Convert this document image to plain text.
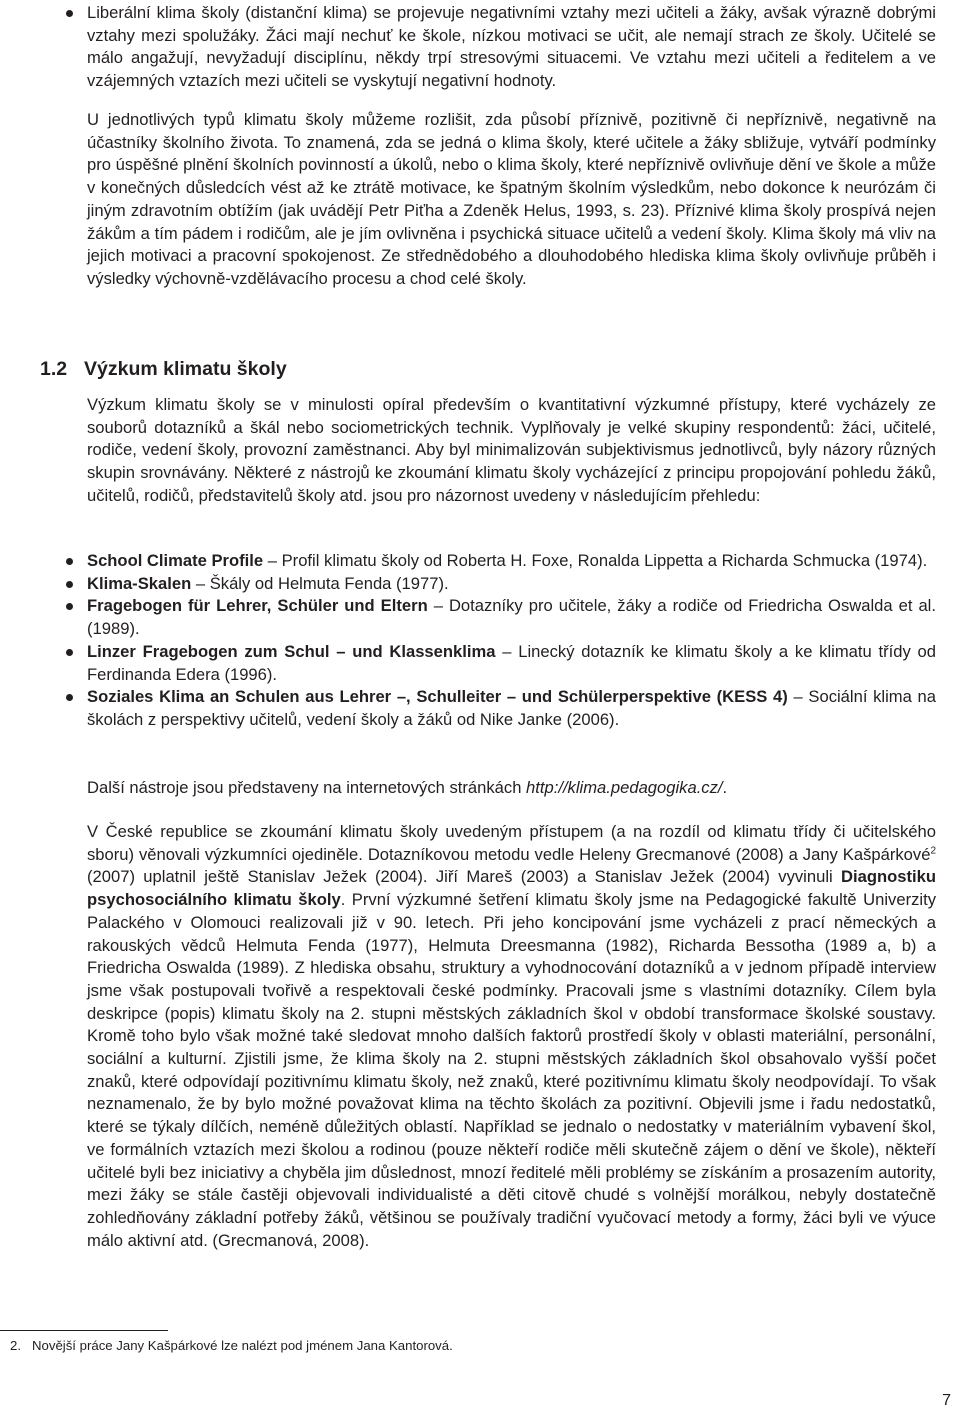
Liberální klima školy (distanční klima) se projevuje negativními vztahy mezi učiteli a žáky, avšak výrazně dobrými vztahy mezi spolužáky. Žáci mají nechuť ke škole, nízkou motivaci se učit, ale nemají strach ze školy. Učitelé se málo angažují, nevyžadují disciplínu, někdy trpí stresovými situacemi. Ve vztahu mezi učiteli a ředitelem a ve vzájemných vztazích mezi učiteli se vyskytují negativní hodnoty.

U jednotlivých typů klimatu školy můžeme rozlišit, zda působí příznivě, pozitivně či nepříznivě, negativně na účastníky školního života. To znamená, zda se jedná o klima školy, které učitele a žáky sbližuje, vytváří podmínky pro úspěšné plnění školních povinností a úkolů, nebo o klima školy, které nepříznivě ovlivňuje dění ve škole a může v konečných důsledcích vést až ke ztrátě motivace, ke špatným školním výsledkům, nebo dokonce k neurózám či jiným zdravotním obtížím (jak uvádějí Petr Piťha a Zdeněk Helus, 1993, s. 23). Příznivé klima školy prospívá nejen žákům a tím pádem i rodičům, ale je jím ovlivněna i psychická situace učitelů a vedení školy. Klima školy má vliv na jejich motivaci a pracovní spokojenost. Ze střednědobého a dlouhodobého hlediska klima školy ovlivňuje průběh i výsledky výchovně-vzdělávacího procesu a chod celé školy.

1.2 Výzkum klimatu školy

Výzkum klimatu školy se v minulosti opíral především o kvantitativní výzkumné přístupy, které vycházely ze souborů dotazníků a škál nebo sociometrických technik. Vyplňovaly je velké skupiny respondentů: žáci, učitelé, rodiče, vedení školy, provozní zaměstnanci. Aby byl minimalizován subjektivismus jednotlivců, byly názory různých skupin srovnávány. Některé z nástrojů ke zkoumání klimatu školy vycházející z principu propojování pohledu žáků, učitelů, rodičů, představitelů školy atd. jsou pro názornost uvedeny v následujícím přehledu:

School Climate Profile – Profil klimatu školy od Roberta H. Foxe, Ronalda Lippetta a Richarda Schmucka (1974).
Klima-Skalen – Škály od Helmuta Fenda (1977).
Fragebogen für Lehrer, Schüler und Eltern – Dotazníky pro učitele, žáky a rodiče od Friedricha Oswalda et al. (1989).
Linzer Fragebogen zum Schul – und Klassenklima – Linecký dotazník ke klimatu školy a ke klimatu třídy od Ferdinanda Edera (1996).
Soziales Klima an Schulen aus Lehrer –, Schulleiter – und Schülerperspektive (KESS 4) – Sociální klima na školách z perspektivy učitelů, vedení školy a žáků od Nike Janke (2006).

Další nástroje jsou představeny na internetových stránkách http://klima.pedagogika.cz/.

V České republice se zkoumání klimatu školy uvedeným přístupem (a na rozdíl od klimatu třídy či učitelského sboru) věnovali výzkumníci ojediněle. Dotazníkovou metodu vedle Heleny Grecmanové (2008) a Jany Kašpárkové$^2$ (2007) uplatnil ještě Stanislav Ježek (2004). Jiří Mareš (2003) a Stanislav Ježek (2004) vyvinuli Diagnostiku psychosociálního klimatu školy. První výzkumné šetření klimatu školy jsme na Pedagogické fakultě Univerzity Palackého v Olomouci realizovali již v 90. letech. Při jeho koncipování jsme vycházeli z prací německých a rakouských vědců Helmuta Fenda (1977), Helmuta Dreesmanna (1982), Richarda Bessotha (1989 a, b) a Friedricha Oswalda (1989). Z hlediska obsahu, struktury a vyhodnocování dotazníků a v jednom případě interview jsme však postupovali tvořivě a respektovali české podmínky. Pracovali jsme s vlastními dotazníky. Cílem byla deskripce (popis) klimatu školy na 2. stupni městských základních škol v období transformace školské soustavy. Kromě toho bylo však možné také sledovat mnoho dalších faktorů prostředí školy v oblasti materiální, personální, sociální a kulturní. Zjistili jsme, že klima školy na 2. stupni městských základních škol obsahovalo vyšší počet znaků, které odpovídají pozitivnímu klimatu školy, než znaků, které pozitivnímu klimatu školy neodpovídají. To však neznamenalo, že by bylo možné považovat klima na těchto školách za pozitivní. Objevili jsme i řadu nedostatků, které se týkaly dílčích, neméně důležitých oblastí. Například se jednalo o nedostatky v materiálním vybavení škol, ve formálních vztazích mezi školou a rodinou (pouze někteří rodiče měli skutečně zájem o dění ve škole), někteří učitelé byli bez iniciativy a chyběla jim důslednost, mnozí ředitelé měli problémy se získáním a prosazením autority, mezi žáky se stále častěji objevovali individualisté a děti citově chudé s volnější morálkou, nebyly dostatečně zohledňovány základní potřeby žáků, většinou se používaly tradiční vyučovací metody a formy, žáci byli ve výuce málo aktivní atd. (Grecmanová, 2008).

2. Novější práce Jany Kašpárkové lze nalézt pod jménem Jana Kantorová.
7
